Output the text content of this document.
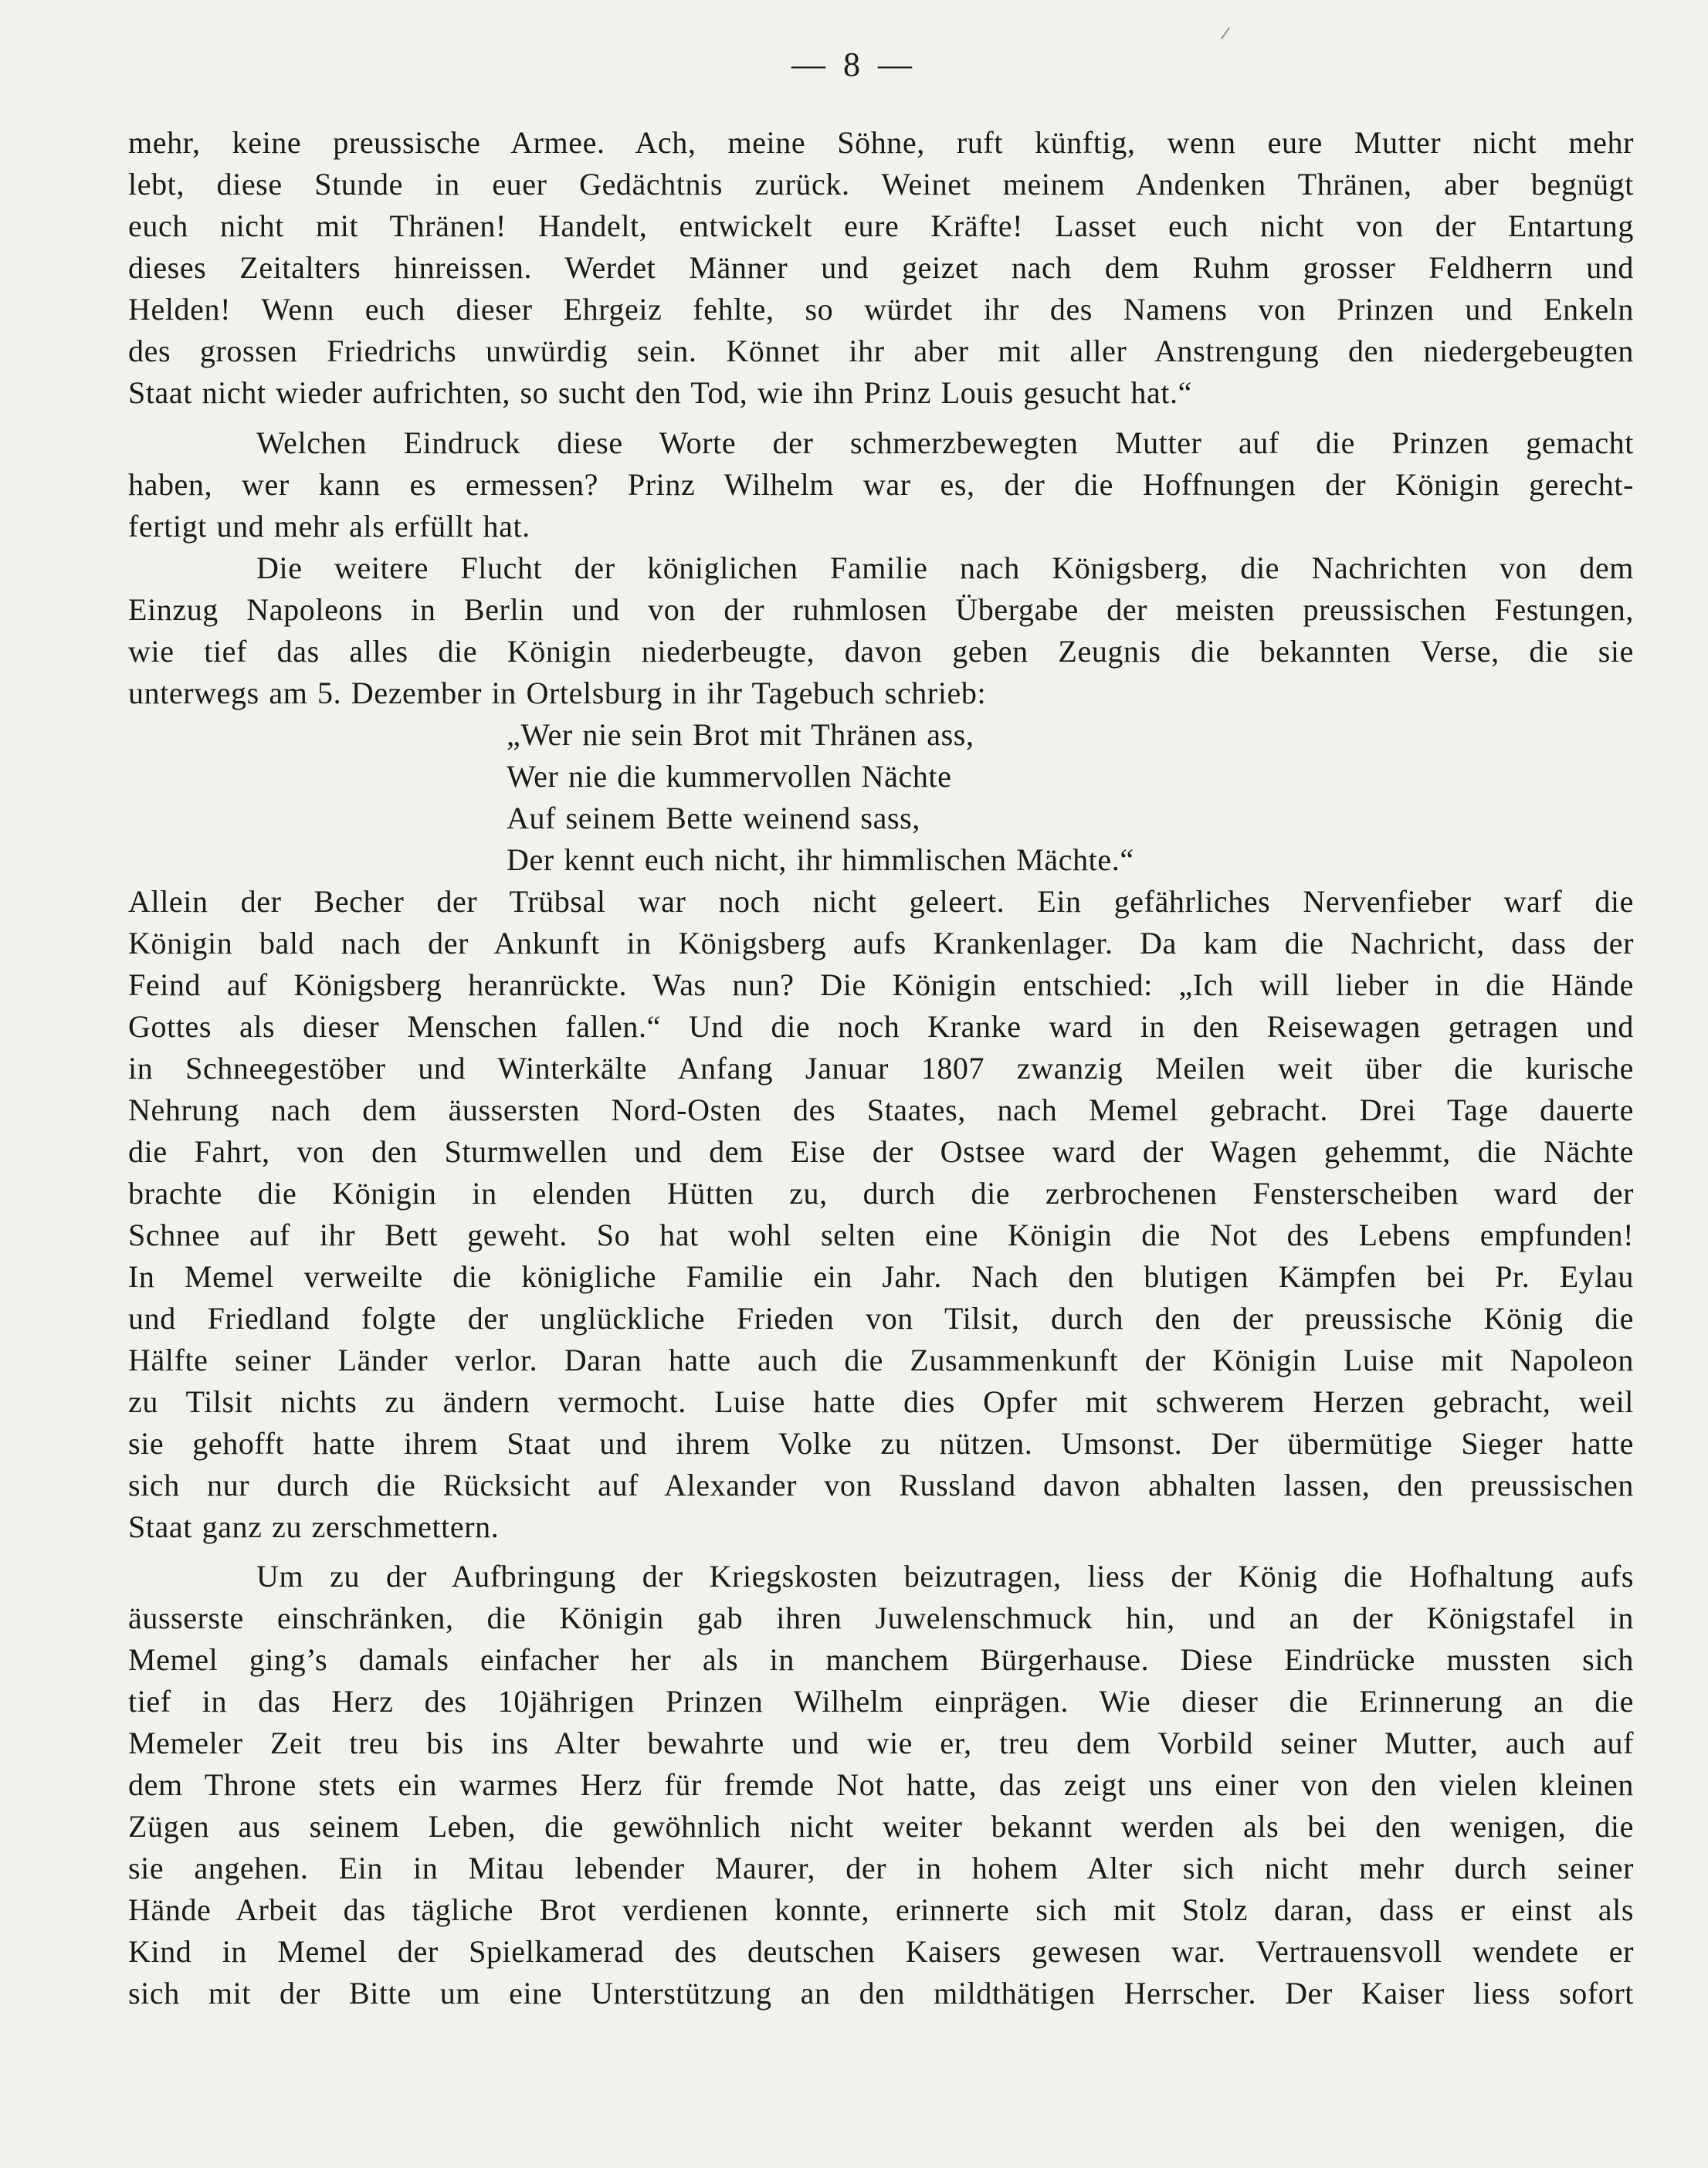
— 8 —
mehr, keine preussische Armee. Ach, meine Söhne, ruft künftig, wenn eure Mutter nicht mehr
lebt, diese Stunde in euer Gedächtnis zurück. Weinet meinem Andenken Thränen, aber begnügt
euch nicht mit Thränen! Handelt, entwickelt eure Kräfte! Lasset euch nicht von der Entartung
dieses Zeitalters hinreissen. Werdet Männer und geizet nach dem Ruhm grosser Feldherrn und
Helden! Wenn euch dieser Ehrgeiz fehlte, so würdet ihr des Namens von Prinzen und Enkeln
des grossen Friedrichs unwürdig sein. Könnet ihr aber mit aller Anstrengung den niedergebeugten
Staat nicht wieder aufrichten, so sucht den Tod, wie ihn Prinz Louis gesucht hat.“
Welchen Eindruck diese Worte der schmerzbewegten Mutter auf die Prinzen gemacht
haben, wer kann es ermessen? Prinz Wilhelm war es, der die Hoffnungen der Königin gerecht-
fertigt und mehr als erfüllt hat.
Die weitere Flucht der königlichen Familie nach Königsberg, die Nachrichten von dem
Einzug Napoleons in Berlin und von der ruhmlosen Übergabe der meisten preussischen Festungen,
wie tief das alles die Königin niederbeugte, davon geben Zeugnis die bekannten Verse, die sie
unterwegs am 5. Dezember in Ortelsburg in ihr Tagebuch schrieb:
„Wer nie sein Brot mit Thränen ass,
Wer nie die kummervollen Nächte
Auf seinem Bette weinend sass,
Der kennt euch nicht, ihr himmlischen Mächte.“
Allein der Becher der Trübsal war noch nicht geleert. Ein gefährliches Nervenfieber warf die
Königin bald nach der Ankunft in Königsberg aufs Krankenlager. Da kam die Nachricht, dass der
Feind auf Königsberg heranrückte. Was nun? Die Königin entschied: „Ich will lieber in die Hände
Gottes als dieser Menschen fallen.“ Und die noch Kranke ward in den Reisewagen getragen und
in Schneegestöber und Winterkälte Anfang Januar 1807 zwanzig Meilen weit über die kurische
Nehrung nach dem äussersten Nord-Osten des Staates, nach Memel gebracht. Drei Tage dauerte
die Fahrt, von den Sturmwellen und dem Eise der Ostsee ward der Wagen gehemmt, die Nächte
brachte die Königin in elenden Hütten zu, durch die zerbrochenen Fensterscheiben ward der
Schnee auf ihr Bett geweht. So hat wohl selten eine Königin die Not des Lebens empfunden!
In Memel verweilte die königliche Familie ein Jahr. Nach den blutigen Kämpfen bei Pr. Eylau
und Friedland folgte der unglückliche Frieden von Tilsit, durch den der preussische König die
Hälfte seiner Länder verlor. Daran hatte auch die Zusammenkunft der Königin Luise mit Napoleon
zu Tilsit nichts zu ändern vermocht. Luise hatte dies Opfer mit schwerem Herzen gebracht, weil
sie gehofft hatte ihrem Staat und ihrem Volke zu nützen. Umsonst. Der übermütige Sieger hatte
sich nur durch die Rücksicht auf Alexander von Russland davon abhalten lassen, den preussischen
Staat ganz zu zerschmettern.
Um zu der Aufbringung der Kriegskosten beizutragen, liess der König die Hofhaltung aufs
äusserste einschränken, die Königin gab ihren Juwelenschmuck hin, und an der Königstafel in
Memel ging’s damals einfacher her als in manchem Bürgerhause. Diese Eindrücke mussten sich
tief in das Herz des 10jährigen Prinzen Wilhelm einprägen. Wie dieser die Erinnerung an die
Memeler Zeit treu bis ins Alter bewahrte und wie er, treu dem Vorbild seiner Mutter, auch auf
dem Throne stets ein warmes Herz für fremde Not hatte, das zeigt uns einer von den vielen kleinen
Zügen aus seinem Leben, die gewöhnlich nicht weiter bekannt werden als bei den wenigen, die
sie angehen. Ein in Mitau lebender Maurer, der in hohem Alter sich nicht mehr durch seiner
Hände Arbeit das tägliche Brot verdienen konnte, erinnerte sich mit Stolz daran, dass er einst als
Kind in Memel der Spielkamerad des deutschen Kaisers gewesen war. Vertrauensvoll wendete er
sich mit der Bitte um eine Unterstützung an den mildthätigen Herrscher. Der Kaiser liess sofort
